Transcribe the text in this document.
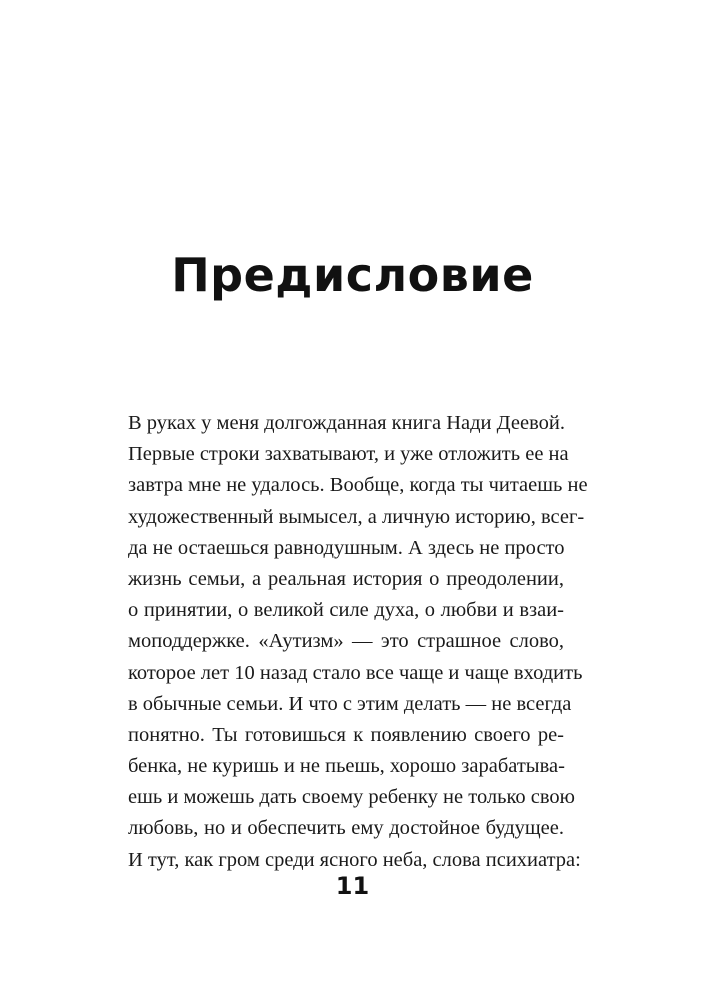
Предисловие
В руках у меня долгожданная книга Нади Деевой.
Первые строки захватывают, и уже отложить ее на
завтра мне не удалось. Вообще, когда ты читаешь не
художественный вымысел, а личную историю, всег-
да не остаешься равнодушным. А здесь не просто
жизнь семьи, а реальная история о преодолении,
о принятии, о великой силе духа, о любви и взаи-
моподдержке. «Аутизм» — это страшное слово,
которое лет 10 назад стало все чаще и чаще входить
в обычные семьи. И что с этим делать — не всегда
понятно. Ты готовишься к появлению своего ре-
бенка, не куришь и не пьешь, хорошо зарабатыва-
ешь и можешь дать своему ребенку не только свою
любовь, но и обеспечить ему достойное будущее.
И тут, как гром среди ясного неба, слова психиатра:
11
